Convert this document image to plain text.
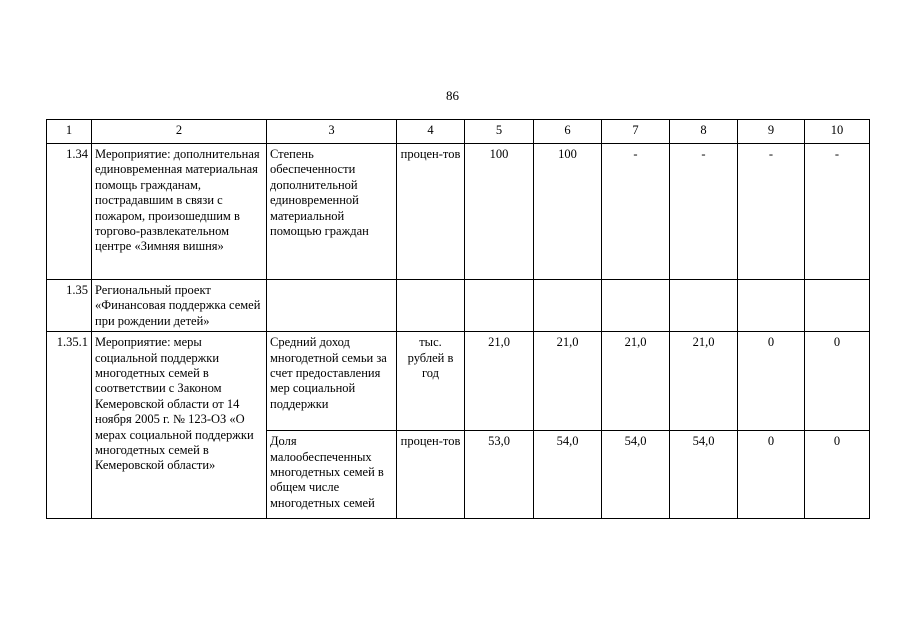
86
1	2	3	4	5	6	7	8	9	10
1.34	Мероприятие: дополнительная единовременная материальная помощь гражданам, пострадавшим в связи с пожаром, произошедшим в торгово-развлекательном центре «Зимняя вишня»	Степень обеспеченности дополнительной единовременной материальной помощью граждан	процен-тов	100	100	-	-	-	-
1.35	Региональный проект «Финансовая поддержка семей при рождении детей»								
1.35.1	Мероприятие: меры социальной поддержки многодетных семей в соответствии с Законом Кемеровской области от 14 ноября 2005 г. № 123-ОЗ «О мерах социальной поддержки многодетных семей в Кемеровской области»	Средний доход многодетной семьи за счет предоставления мер социальной поддержки	тыс. рублей в год	21,0	21,0	21,0	21,0	0	0
		Доля малообеспеченных многодетных семей в общем числе многодетных семей	процен-тов	53,0	54,0	54,0	54,0	0	0
